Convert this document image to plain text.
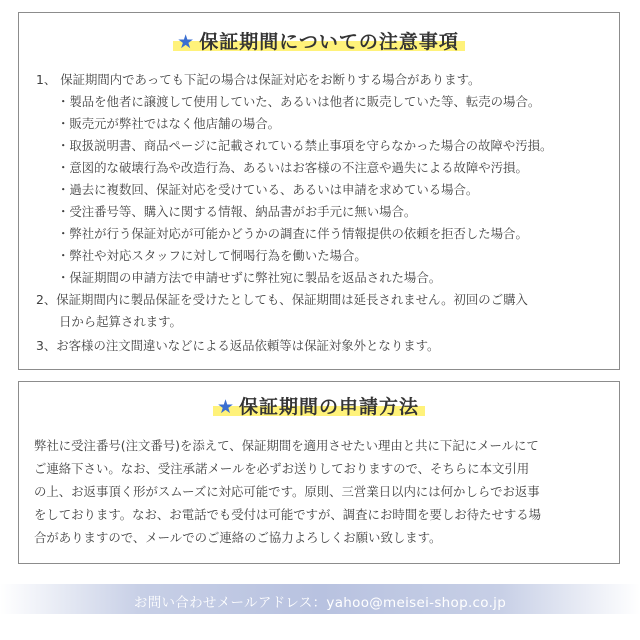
★ 保証期間についての注意事項
1、 保証期間内であっても下記の場合は保証対応をお断りする場合があります。
・製品を他者に譲渡して使用していた、あるいは他者に販売していた等、転売の場合。
・販売元が弊社ではなく他店舗の場合。
・取扱説明書、商品ページに記載されている禁止事項を守らなかった場合の故障や汚損。
・意図的な破壊行為や改造行為、あるいはお客様の不注意や過失による故障や汚損。
・過去に複数回、保証対応を受けている、あるいは申請を求めている場合。
・受注番号等、購入に関する情報、納品書がお手元に無い場合。
・弊社が行う保証対応が可能かどうかの調査に伴う情報提供の依頼を拒否した場合。
・弊社や対応スタッフに対して恫喝行為を働いた場合。
・保証期間の申請方法で申請せずに弊社宛に製品を返品された場合。
2、保証期間内に製品保証を受けたとしても、保証期間は延長されません。初回のご購入
日から起算されます。
3、お客様の注文間違いなどによる返品依頼等は保証対象外となります。
★ 保証期間の申請方法
弊社に受注番号(注文番号)を添えて、保証期間を適用させたい理由と共に下記にメールにて
ご連絡下さい。なお、受注承諾メールを必ずお送りしておりますので、そちらに本文引用
の上、お返事頂く形がスムーズに対応可能です。原則、三営業日以内には何かしらでお返事
をしております。なお、お電話でも受付は可能ですが、調査にお時間を要しお待たせする場
合がありますので、メールでのご連絡のご協力よろしくお願い致します。
お問い合わせメールアドレス：yahoo@meisei-shop.co.jp
